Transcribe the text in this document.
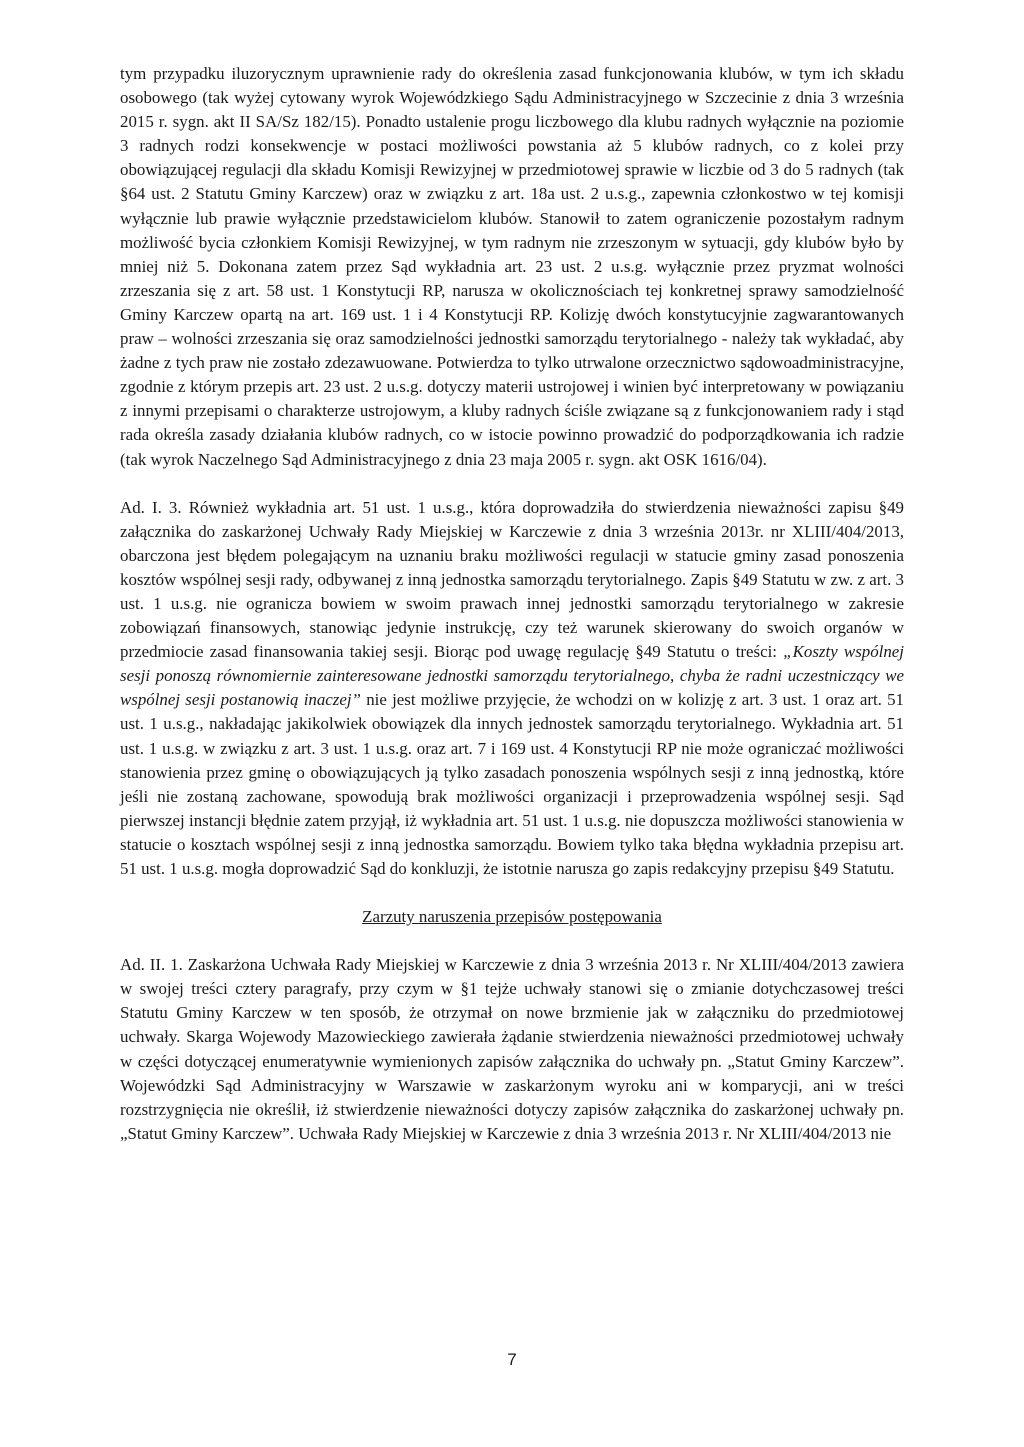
tym przypadku iluzorycznym uprawnienie rady do określenia zasad funkcjonowania klubów, w tym ich składu osobowego (tak wyżej cytowany wyrok Wojewódzkiego Sądu Administracyjnego w Szczecinie z dnia 3 września 2015 r. sygn. akt II SA/Sz 182/15). Ponadto ustalenie progu liczbowego dla klubu radnych wyłącznie na poziomie 3 radnych rodzi konsekwencje w postaci możliwości powstania aż 5 klubów radnych, co z kolei przy obowiązującej regulacji dla składu Komisji Rewizyjnej w przedmiotowej sprawie w liczbie od 3 do 5 radnych (tak §64 ust. 2 Statutu Gminy Karczew) oraz w związku z art. 18a ust. 2 u.s.g., zapewnia członkostwo w tej komisji wyłącznie lub prawie wyłącznie przedstawicielom klubów. Stanowił to zatem ograniczenie pozostałym radnym możliwość bycia członkiem Komisji Rewizyjnej, w tym radnym nie zrzeszonym w sytuacji, gdy klubów było by mniej niż 5. Dokonana zatem przez Sąd wykładnia art. 23 ust. 2 u.s.g. wyłącznie przez pryzmat wolności zrzeszania się z art. 58 ust. 1 Konstytucji RP, narusza w okolicznościach tej konkretnej sprawy samodzielność Gminy Karczew opartą na art. 169 ust. 1 i 4 Konstytucji RP. Kolizję dwóch konstytucyjnie zagwarantowanych praw – wolności zrzeszania się oraz samodzielności jednostki samorządu terytorialnego - należy tak wykładać, aby żadne z tych praw nie zostało zdezawuowane. Potwierdza to tylko utrwalone orzecznictwo sądowoadministracyjne, zgodnie z którym przepis art. 23 ust. 2 u.s.g. dotyczy materii ustrojowej i winien być interpretowany w powiązaniu z innymi przepisami o charakterze ustrojowym, a kluby radnych ściśle związane są z funkcjonowaniem rady i stąd rada określa zasady działania klubów radnych, co w istocie powinno prowadzić do podporządkowania ich radzie (tak wyrok Naczelnego Sąd Administracyjnego z dnia 23 maja 2005 r. sygn. akt OSK 1616/04).

Ad. I. 3. Również wykładnia art. 51 ust. 1 u.s.g., która doprowadziła do stwierdzenia nieważności zapisu §49 załącznika do zaskarżonej Uchwały Rady Miejskiej w Karczewie z dnia 3 września 2013r. nr XLIII/404/2013, obarczona jest błędem polegającym na uznaniu braku możliwości regulacji w statucie gminy zasad ponoszenia kosztów wspólnej sesji rady, odbywanej z inną jednostka samorządu terytorialnego. Zapis §49 Statutu w zw. z art. 3 ust. 1 u.s.g. nie ogranicza bowiem w swoim prawach innej jednostki samorządu terytorialnego w zakresie zobowiązań finansowych, stanowiąc jedynie instrukcję, czy też warunek skierowany do swoich organów w przedmiocie zasad finansowania takiej sesji. Biorąc pod uwagę regulację §49 Statutu o treści: „Koszty wspólnej sesji ponoszą równomiernie zainteresowane jednostki samorządu terytorialnego, chyba że radni uczestniczący we wspólnej sesji postanowią inaczej” nie jest możliwe przyjęcie, że wchodzi on w kolizję z art. 3 ust. 1 oraz art. 51 ust. 1 u.s.g., nakładając jakikolwiek obowiązek dla innych jednostek samorządu terytorialnego. Wykładnia art. 51 ust. 1 u.s.g. w związku z art. 3 ust. 1 u.s.g. oraz art. 7 i 169 ust. 4 Konstytucji RP nie może ograniczać możliwości stanowienia przez gminę o obowiązujących ją tylko zasadach ponoszenia wspólnych sesji z inną jednostką, które jeśli nie zostaną zachowane, spowodują brak możliwości organizacji i przeprowadzenia wspólnej sesji. Sąd pierwszej instancji błędnie zatem przyjął, iż wykładnia art. 51 ust. 1 u.s.g. nie dopuszcza możliwości stanowienia w statucie o kosztach wspólnej sesji z inną jednostka samorządu. Bowiem tylko taka błędna wykładnia przepisu art. 51 ust. 1 u.s.g. mogła doprowadzić Sąd do konkluzji, że istotnie narusza go zapis redakcyjny przepisu §49 Statutu.

Zarzuty naruszenia przepisów postępowania

Ad. II. 1. Zaskarżona Uchwała Rady Miejskiej w Karczewie z dnia 3 września 2013 r. Nr XLIII/404/2013 zawiera w swojej treści cztery paragrafy, przy czym w §1 tejże uchwały stanowi się o zmianie dotychczasowej treści Statutu Gminy Karczew w ten sposób, że otrzymał on nowe brzmienie jak w załączniku do przedmiotowej uchwały. Skarga Wojewody Mazowieckiego zawierała żądanie stwierdzenia nieważności przedmiotowej uchwały w części dotyczącej enumeratywnie wymienionych zapisów załącznika do uchwały pn. „Statut Gminy Karczew”. Wojewódzki Sąd Administracyjny w Warszawie w zaskarżonym wyroku ani w komparycji, ani w treści rozstrzygnięcia nie określił, iż stwierdzenie nieważności dotyczy zapisów załącznika do zaskarżonej uchwały pn. „Statut Gminy Karczew”. Uchwała Rady Miejskiej w Karczewie z dnia 3 września 2013 r. Nr XLIII/404/2013 nie

7
